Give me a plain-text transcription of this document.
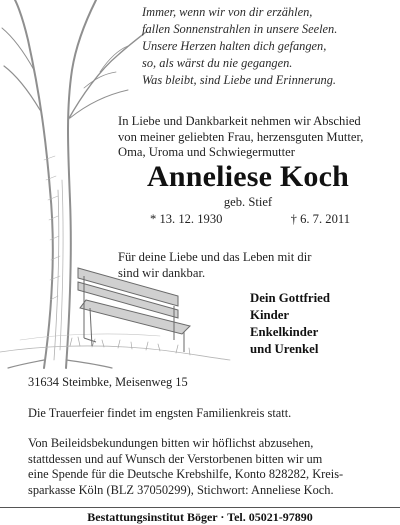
Immer, wenn wir von dir erzählen,
fallen Sonnenstrahlen in unsere Seelen.
Unsere Herzen halten dich gefangen,
so, als wärst du nie gegangen.
Was bleibt, sind Liebe und Erinnerung.
In Liebe und Dankbarkeit nehmen wir Abschied
von meiner geliebten Frau, herzensguten Mutter,
Oma, Uroma und Schwiegermutter
Anneliese Koch
geb. Stief
* 13. 12. 1930	† 6. 7. 2011
Für deine Liebe und das Leben mit dir
sind wir dankbar.
Dein Gottfried
Kinder
Enkelkinder
und Urenkel
31634 Steimbke, Meisenweg 15
Die Trauerfeier findet im engsten Familienkreis statt.
Von Beileidsbekundungen bitten wir höflichst abzusehen,
stattdessen und auf Wunsch der Verstorbenen bitten wir um
eine Spende für die Deutsche Krebshilfe, Konto 828282, Kreis-
sparkasse Köln (BLZ 37050299), Stichwort: Anneliese Koch.
Bestattungsinstitut Böger · Tel. 05021-97890
